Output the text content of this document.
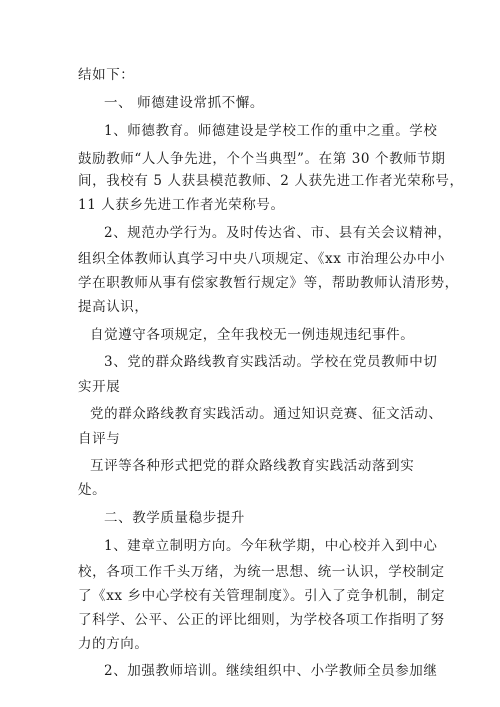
结如下：
一、 师德建设常抓不懈。
1、师德教育。师德建设是学校工作的重中之重。学校
鼓励教师“人人争先进，个个当典型”。在第 30 个教师节期
间，我校有 5 人获县模范教师、2 人获先进工作者光荣称号，
11 人获乡先进工作者光荣称号。
2、规范办学行为。及时传达省、市、县有关会议精神，
组织全体教师认真学习中央八项规定、《xx 市治理公办中小
学在职教师从事有偿家教暂行规定》等，帮助教师认清形势，
提高认识，
自觉遵守各项规定，全年我校无一例违规违纪事件。
3、党的群众路线教育实践活动。学校在党员教师中切
实开展
党的群众路线教育实践活动。通过知识竞赛、征文活动、
自评与
互评等各种形式把党的群众路线教育实践活动落到实
处。
二、教学质量稳步提升
1、建章立制明方向。今年秋学期，中心校并入到中心
校，各项工作千头万绪，为统一思想、统一认识，学校制定
了《xx 乡中心学校有关管理制度》。引入了竞争机制，制定
了科学、公平、公正的评比细则，为学校各项工作指明了努
力的方向。
2、加强教师培训。继续组织中、小学教师全员参加继
